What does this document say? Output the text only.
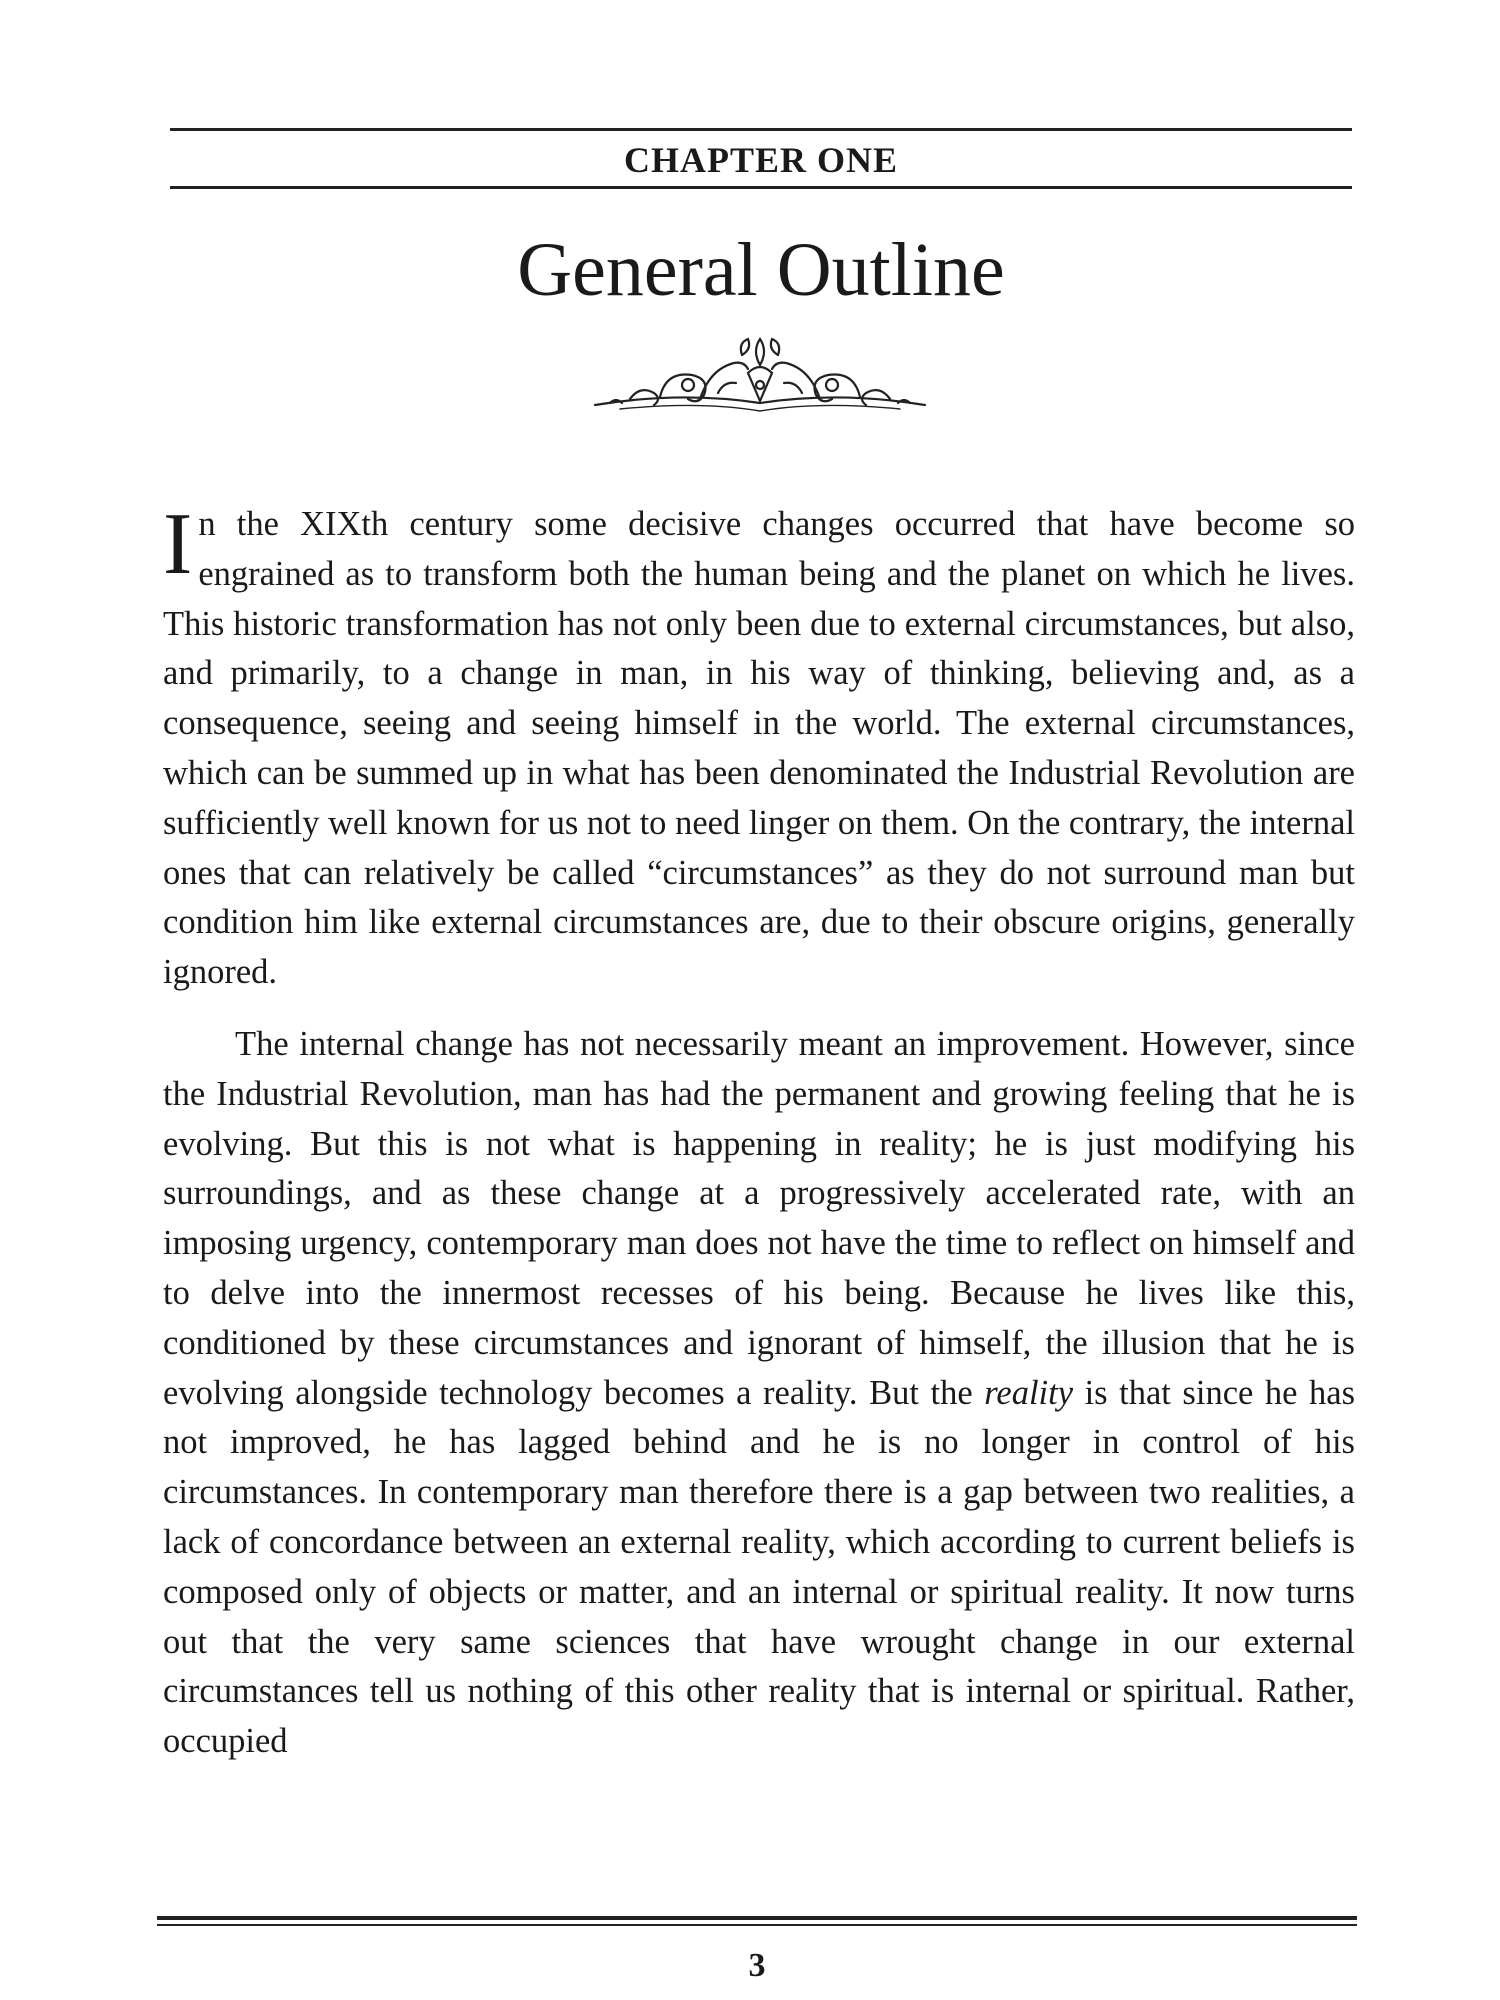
CHAPTER ONE
General Outline

In the XIXth century some decisive changes occurred that have become so engrained as to transform both the human being and the planet on which he lives. This historic transformation has not only been due to external circumstances, but also, and primarily, to a change in man, in his way of thinking, believing and, as a consequence, seeing and seeing himself in the world. The external circumstances, which can be summed up in what has been denominated the Industrial Revolution are sufficiently well known for us not to need linger on them. On the contrary, the internal ones that can relatively be called “circumstances” as they do not surround man but condition him like external circumstances are, due to their obscure origins, generally ignored.

The internal change has not necessarily meant an improvement. However, since the Industrial Revolution, man has had the permanent and growing feeling that he is evolving. But this is not what is happening in reality; he is just modifying his surroundings, and as these change at a progressively accelerated rate, with an imposing urgency, contemporary man does not have the time to reflect on himself and to delve into the innermost recesses of his being. Because he lives like this, conditioned by these circumstances and ignorant of himself, the illusion that he is evolving alongside technology becomes a reality. But the reality is that since he has not improved, he has lagged behind and he is no longer in control of his circumstances. In contemporary man therefore there is a gap between two realities, a lack of concordance between an external reality, which according to current beliefs is composed only of objects or matter, and an internal or spiritual reality. It now turns out that the very same sciences that have wrought change in our external circumstances tell us nothing of this other reality that is internal or spiritual. Rather, occupied

3
